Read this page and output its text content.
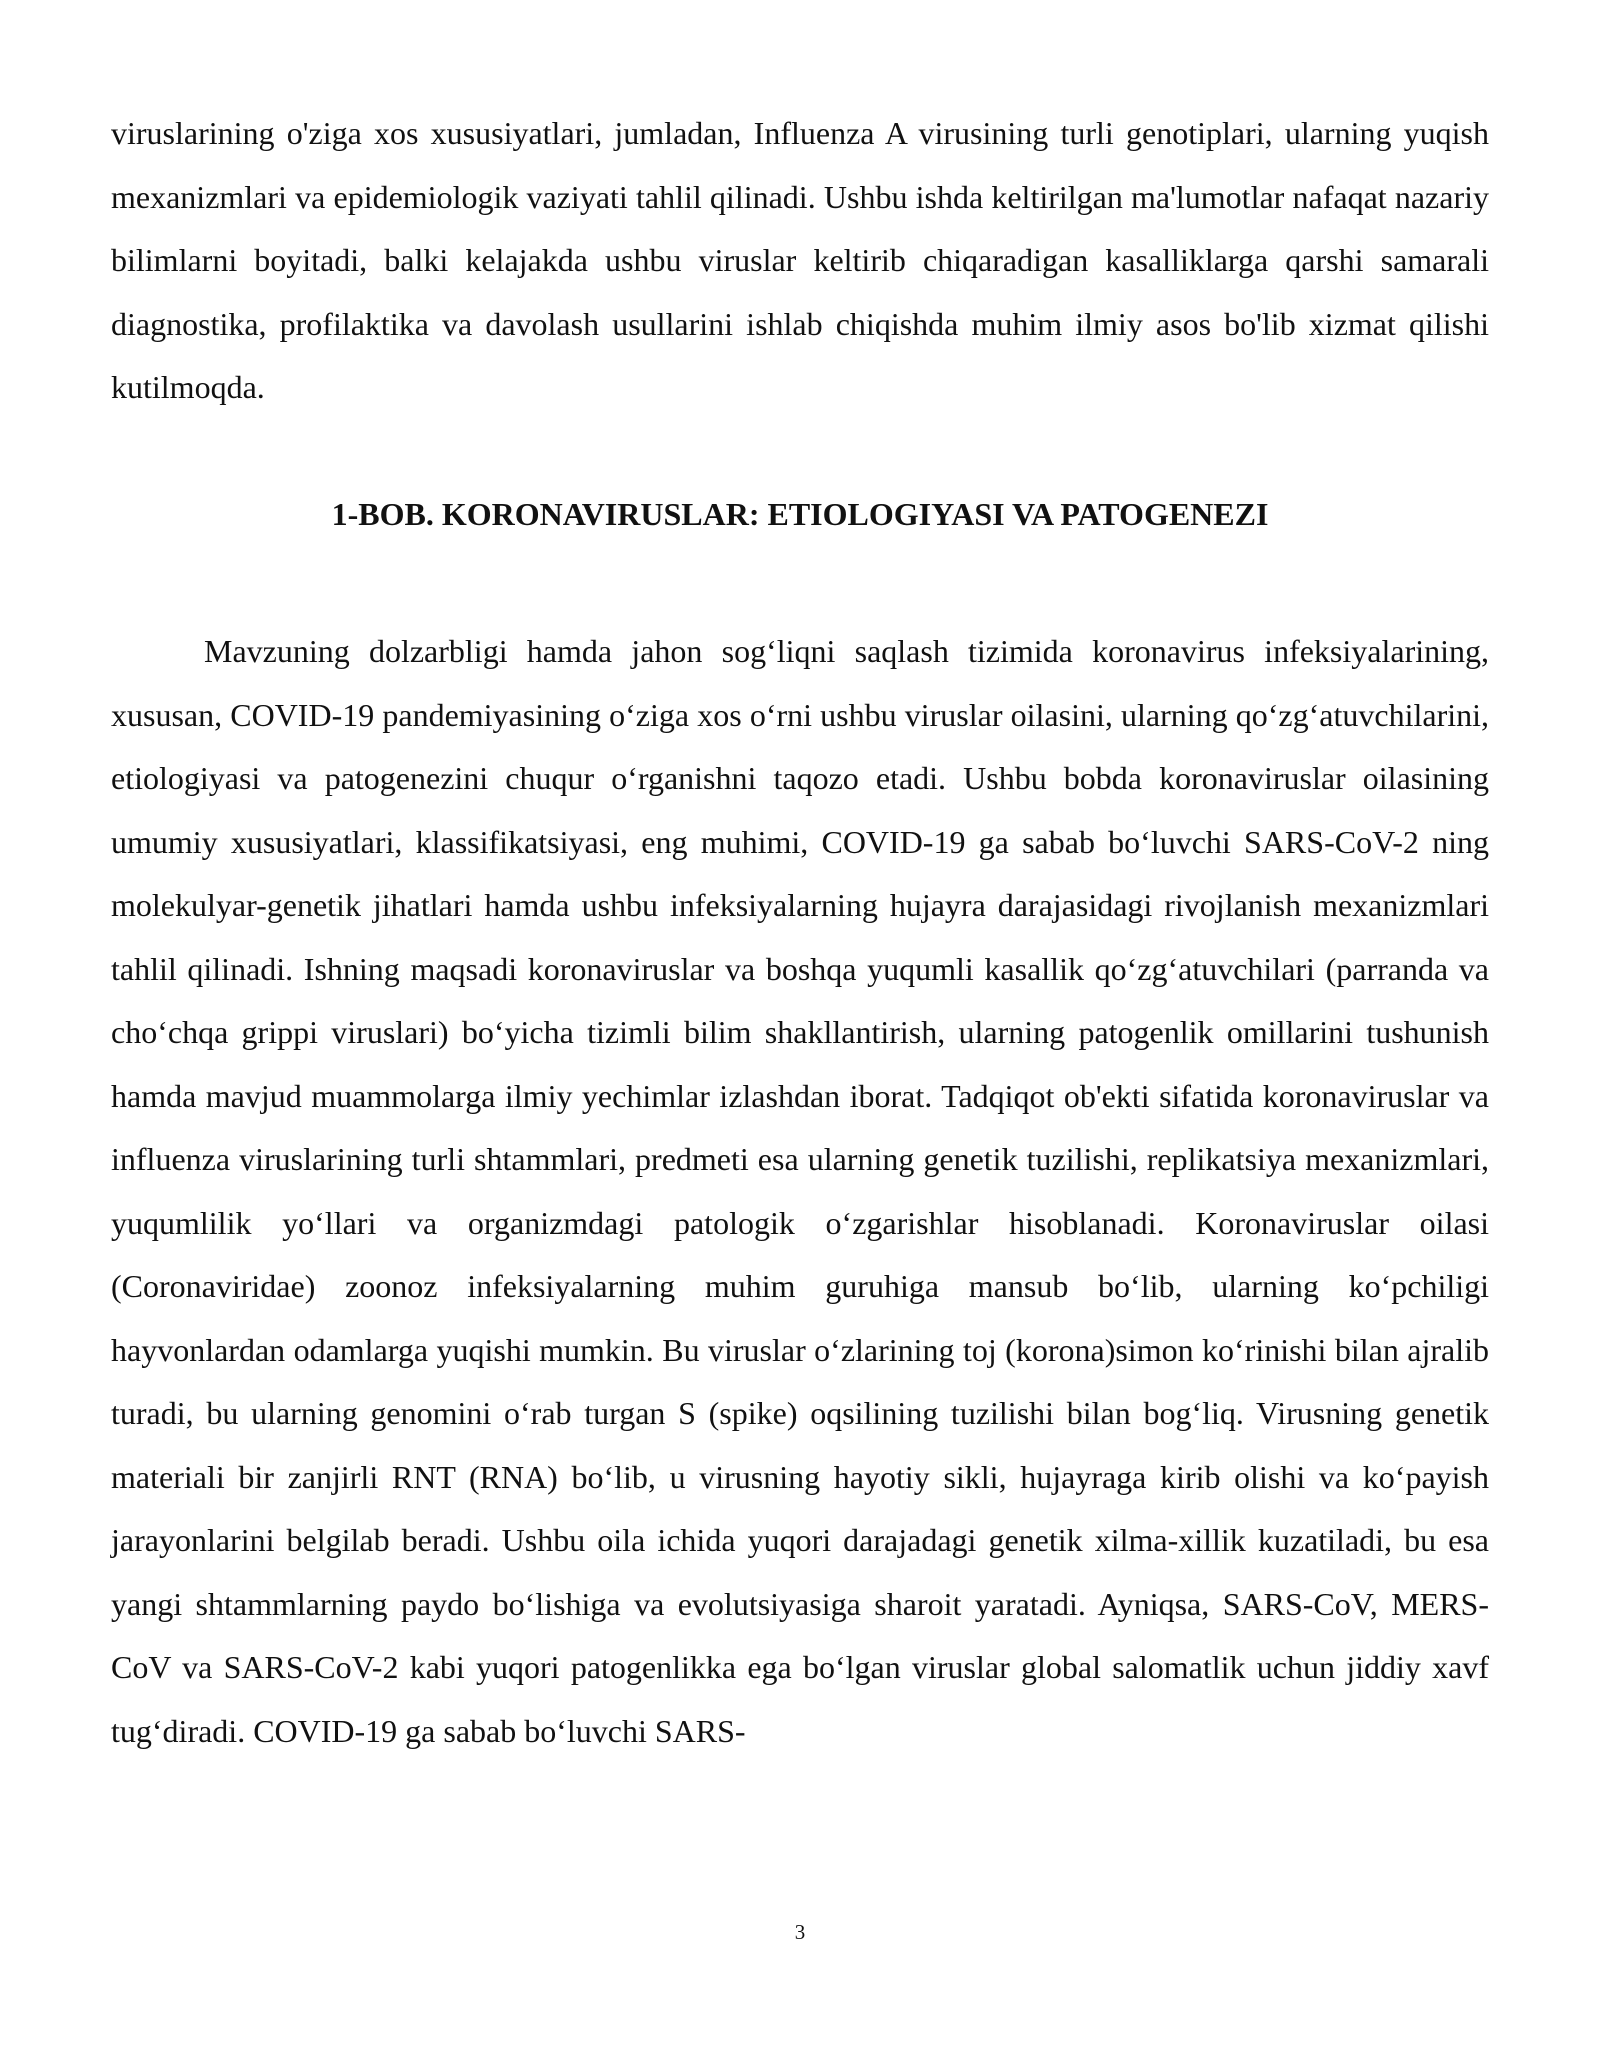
viruslarining o'ziga xos xususiyatlari, jumladan, Influenza A virusining turli genotiplari, ularning yuqish mexanizmlari va epidemiologik vaziyati tahlil qilinadi. Ushbu ishda keltirilgan ma'lumotlar nafaqat nazariy bilimlarni boyitadi, balki kelajakda ushbu viruslar keltirib chiqaradigan kasalliklarga qarshi samarali diagnostika, profilaktika va davolash usullarini ishlab chiqishda muhim ilmiy asos bo'lib xizmat qilishi kutilmoqda.

1-BOB. KORONAVIRUSLAR: ETIOLOGIYASI VA PATOGENEZI

Mavzuning dolzarbligi hamda jahon sog‘liqni saqlash tizimida koronavirus infeksiyalarining, xususan, COVID-19 pandemiyasining o‘ziga xos o‘rni ushbu viruslar oilasini, ularning qo‘zg‘atuvchilarini, etiologiyasi va patogenezini chuqur o‘rganishni taqozo etadi. Ushbu bobda koronaviruslar oilasining umumiy xususiyatlari, klassifikatsiyasi, eng muhimi, COVID-19 ga sabab bo‘luvchi SARS-CoV-2 ning molekulyar-genetik jihatlari hamda ushbu infeksiyalarning hujayra darajasidagi rivojlanish mexanizmlari tahlil qilinadi. Ishning maqsadi koronaviruslar va boshqa yuqumli kasallik qo‘zg‘atuvchilari (parranda va cho‘chqa grippi viruslari) bo‘yicha tizimli bilim shakllantirish, ularning patogenlik omillarini tushunish hamda mavjud muammolarga ilmiy yechimlar izlashdan iborat. Tadqiqot ob'ekti sifatida koronaviruslar va influenza viruslarining turli shtammlari, predmeti esa ularning genetik tuzilishi, replikatsiya mexanizmlari, yuqumlilik yo‘llari va organizmdagi patologik o‘zgarishlar hisoblanadi. Koronaviruslar oilasi (Coronaviridae) zoonoz infeksiyalarning muhim guruhiga mansub bo‘lib, ularning ko‘pchiligi hayvonlardan odamlarga yuqishi mumkin. Bu viruslar o‘zlarining toj (korona)simon ko‘rinishi bilan ajralib turadi, bu ularning genomini o‘rab turgan S (spike) oqsilining tuzilishi bilan bog‘liq. Virusning genetik materiali bir zanjirli RNT (RNA) bo‘lib, u virusning hayotiy sikli, hujayraga kirib olishi va ko‘payish jarayonlarini belgilab beradi. Ushbu oila ichida yuqori darajadagi genetik xilma-xillik kuzatiladi, bu esa yangi shtammlarning paydo bo‘lishiga va evolutsiyasiga sharoit yaratadi. Ayniqsa, SARS-CoV, MERS-CoV va SARS-CoV-2 kabi yuqori patogenlikka ega bo‘lgan viruslar global salomatlik uchun jiddiy xavf tug‘diradi. COVID-19 ga sabab bo‘luvchi SARS-

3
